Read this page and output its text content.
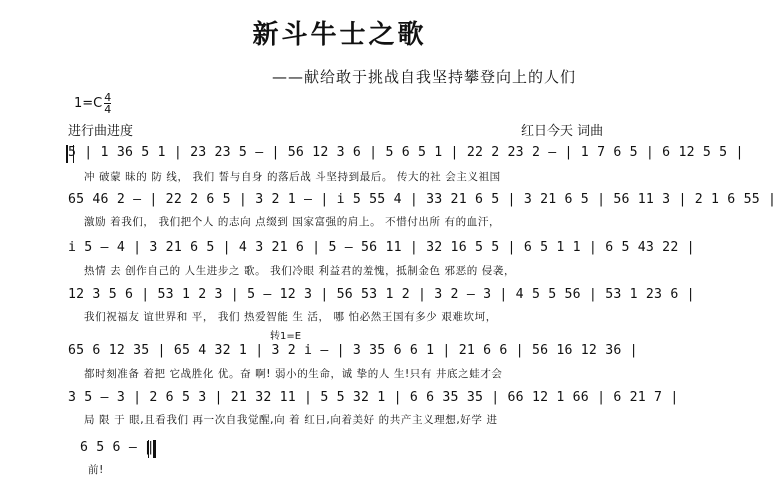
新斗牛士之歌
——献给敢于挑战自我坚持攀登向上的人们
$1=C \frac{4}{4}$
进行曲进度	红日今天 词曲
5 | 1 36 5 1 | 23 23 5 — | 56 12 3 6 | 5 6 5 1 | 22 2 23 2 — | 1 7 6 5 | 6 12 5 5 |
冲 破蒙 昧的 防 线， 我们 誓与自身 的落后战 斗坚持到最后。 传大的社 会主义祖国
65 46 2 — | 22 2 6 5 | 3 2 1 — | i 5 55 4 | 33 21 6 5 | 3 21 6 5 | 56 11 3 | 2 1 6 55 |
激励 着我们， 我们把个人 的志向 点缀到 国家富强的肩上。 不惜付出所 有的血汗，
i 5 — 4 | 3 21 6 5 | 4 3 21 6 | 5 — 56 11 | 32 16 5 5 | 6 5 1 1 | 6 5 43 22 |
热情 去 创作自己的 人生进步之 歌。 我们冷眼 利益君的羞愧，抵制金色 邪恶的 侵袭，
12 3 5 6 | 53 1 2 3 | 5 — 12 3 | 56 53 1 2 | 3 2 — 3 | 4 5 5 56 | 53 1 23 6 |
我们祝福友 谊世界和 平， 我们 热爱智能 生 活， 哪 怕必然王国有多少 艰难坎坷，
转1=E
65 6 12 35 | 65 4 32 1 | 3 2 i — | 3 35 6 6 1 | 21 6 6 | 56 16 12 36 |
都时刻准备 着把 它战胜化 优。奋 啊! 弱小的生命，诚 挚的人 生!只有 井底之蛙才会
3 5 — 3 | 2 6 5 3 | 21 32 11 | 5 5 32 1 | 6 6 35 35 | 66 12 1 66 | 6 21 7 |
局 限 于 眼,且看我们 再一次自我觉醒,向 着 红日,向着美好 的共产主义理想,好学 进
6 5 6 — ‖
前!
